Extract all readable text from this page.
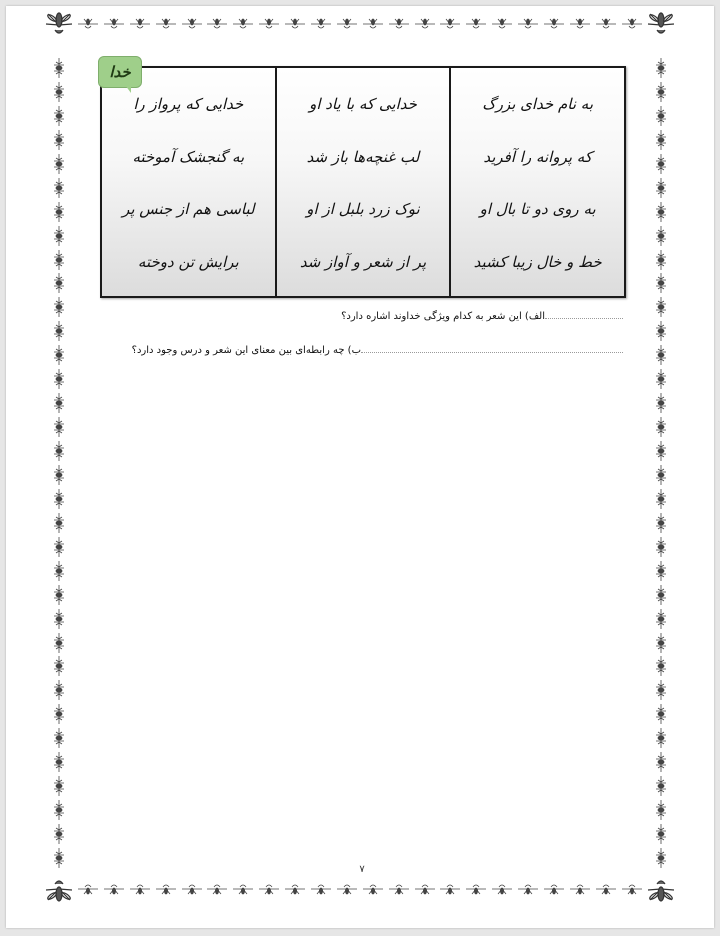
خدا
به نام خدای بزرگ
که پروانه را آفرید
به روی دو تا بال او
خط و خال زیبا کشید
خدایی که با یاد او
لب غنچه‌ها باز شد
نوک زرد بلبل از او
پر از شعر و آواز شد
خدایی که پرواز را
به گنجشک آموخته
لباسی هم از جنس پر
برایش تن دوخته
الف) این شعر به کدام ویژگی خداوند اشاره دارد؟
ب) چه رابطه‌ای بین معنای این شعر و درس وجود دارد؟
۷
